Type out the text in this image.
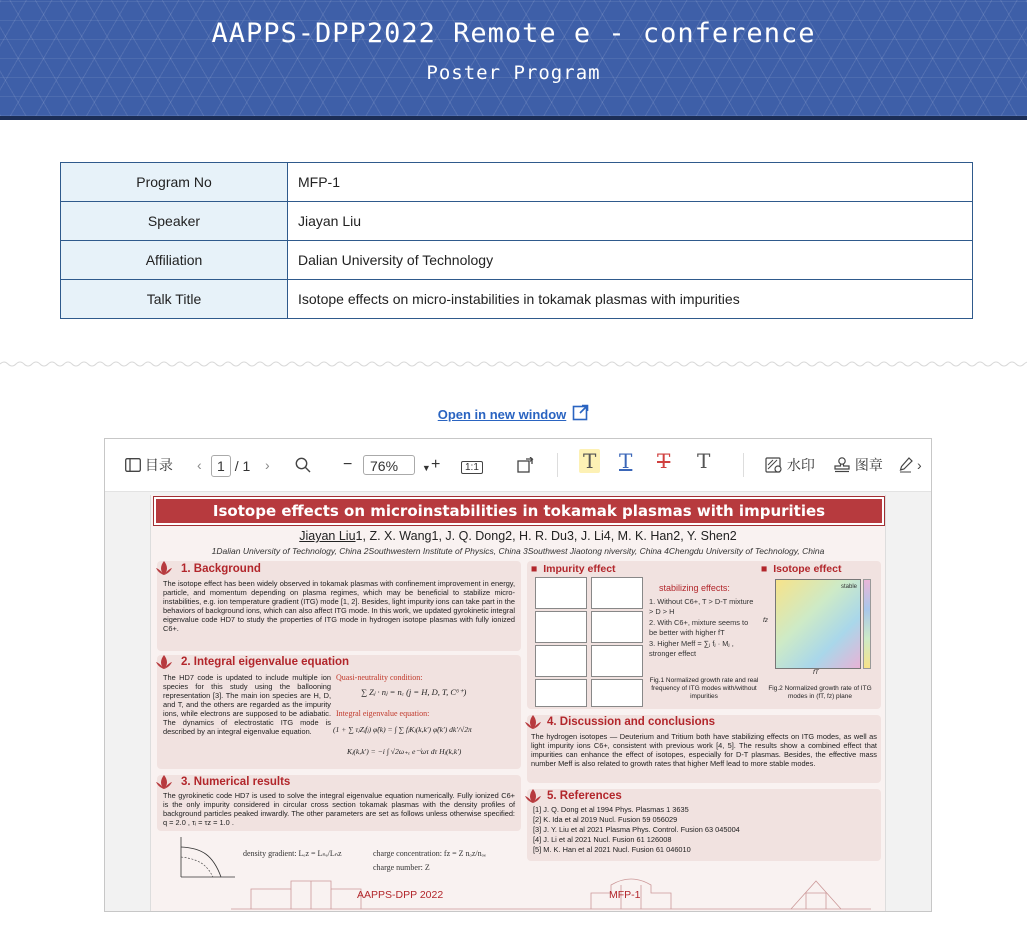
AAPPS-DPP2022 Remote e - conference
Poster Program
Program No	MFP-1
Speaker	Jiayan Liu
Affiliation	Dalian University of Technology
Talk Title	Isotope effects on micro-instabilities in tokamak plasmas with impurities
Open in new window
目录 ‹	1 / 1 ›	−	76%	▼ +	1:1	T T T T	水印	图章 ›
Isotope effects on microinstabilities in tokamak plasmas with impurities
Jiayan Liu1, Z. X. Wang1, J. Q. Dong2, H. R. Du3, J. Li4, M. K. Han2, Y. Shen2
1Dalian University of Technology, China 2Southwestern Institute of Physics, China 3Southwest Jiaotong niversity, China 4Chengdu University of Technology, China
1. Background
The isotope effect has been widely observed in tokamak plasmas with confinement improvement in energy, particle, and momentum depending on plasma regimes, which may be beneficial to stabilize micro-instabilities, e.g. ion temperature gradient (ITG) mode [1, 2]. Besides, light impurity ions can take part in the behaviors of background ions, which can also affect ITG mode. In this work, we updated gyrokinetic integral eigenvalue code HD7 to study the properties of ITG mode in hydrogen isotope plasmas with fully ionized C6+.
2. Integral eigenvalue equation
The HD7 code is updated to include multiple ion species for this study using the ballooning representation [3]. The main ion species are H, D, and T, and the others are regarded as the impurity ions, while electrons are supposed to be adiabatic. The dynamics of electrostatic ITG mode is described by an integral eigenvalue equation.
Quasi-neutrality condition:
∑ Zⱼ · nⱼ = nₑ (j = H, D, T, C⁶⁺)
Integral eigenvalue equation:
(1 + ∑ τⱼZⱼfⱼ) φ̂(k) = ∫ ∑ fⱼKⱼ(k,k′) φ̂(k′) dk′/√2π
Kⱼ(k,k′) = −i ∫ √2ω₊ₑ e⁻ⁱωτ dτ Hⱼ(k,k′)
3. Numerical results
The gyrokinetic code HD7 is used to solve the integral eigenvalue equation numerically. Fully ionized C6+ is the only impurity considered in circular cross section tokamak plasmas with the density profiles of background particles peaked inwardly. The other parameters are set as follows unless otherwise specified: q = 2.0 , τᵢ = τz = 1.0 .
density gradient: Lₑz = Lₙₑ/Lₙz	charge concentration: fz = Z nₒz/nₒₑ
charge number: Z
■  Impurity effect
stabilizing effects:
1. Without C6+, T > D-T mixture > D > H
2. With C6+, mixture seems to be better with higher fT
3. Higher Meff = ∑ⱼ fⱼ · Mⱼ , stronger effect
Fig.1 Normalized growth rate and real frequency of ITG modes with/without impurities
■  Isotope effect
stable
fT
fz
Fig.2 Normalized growth rate of ITG modes in (fT, fz) plane
4. Discussion and conclusions
The hydrogen isotopes — Deuterium and Tritium both have stabilizing effects on ITG modes, as well as light impurity ions C6+, consistent with previous work [4, 5]. The results show a combined effect that impurities can enhance the effect of isotopes, especially for D-T plasmas. Besides, the effective mass number Meff is also related to growth rates that higher Meff lead to more stable modes.
5. References
[1] J. Q. Dong et al 1994 Phys. Plasmas 1 3635
[2] K. Ida et al 2019 Nucl. Fusion 59 056029
[3] J. Y. Liu et al 2021 Plasma Phys. Control. Fusion 63 045004
[4] J. Li et al 2021 Nucl. Fusion 61 126008
[5] M. K. Han et al 2021 Nucl. Fusion 61 046010
AAPPS-DPP 2022	MFP-1
